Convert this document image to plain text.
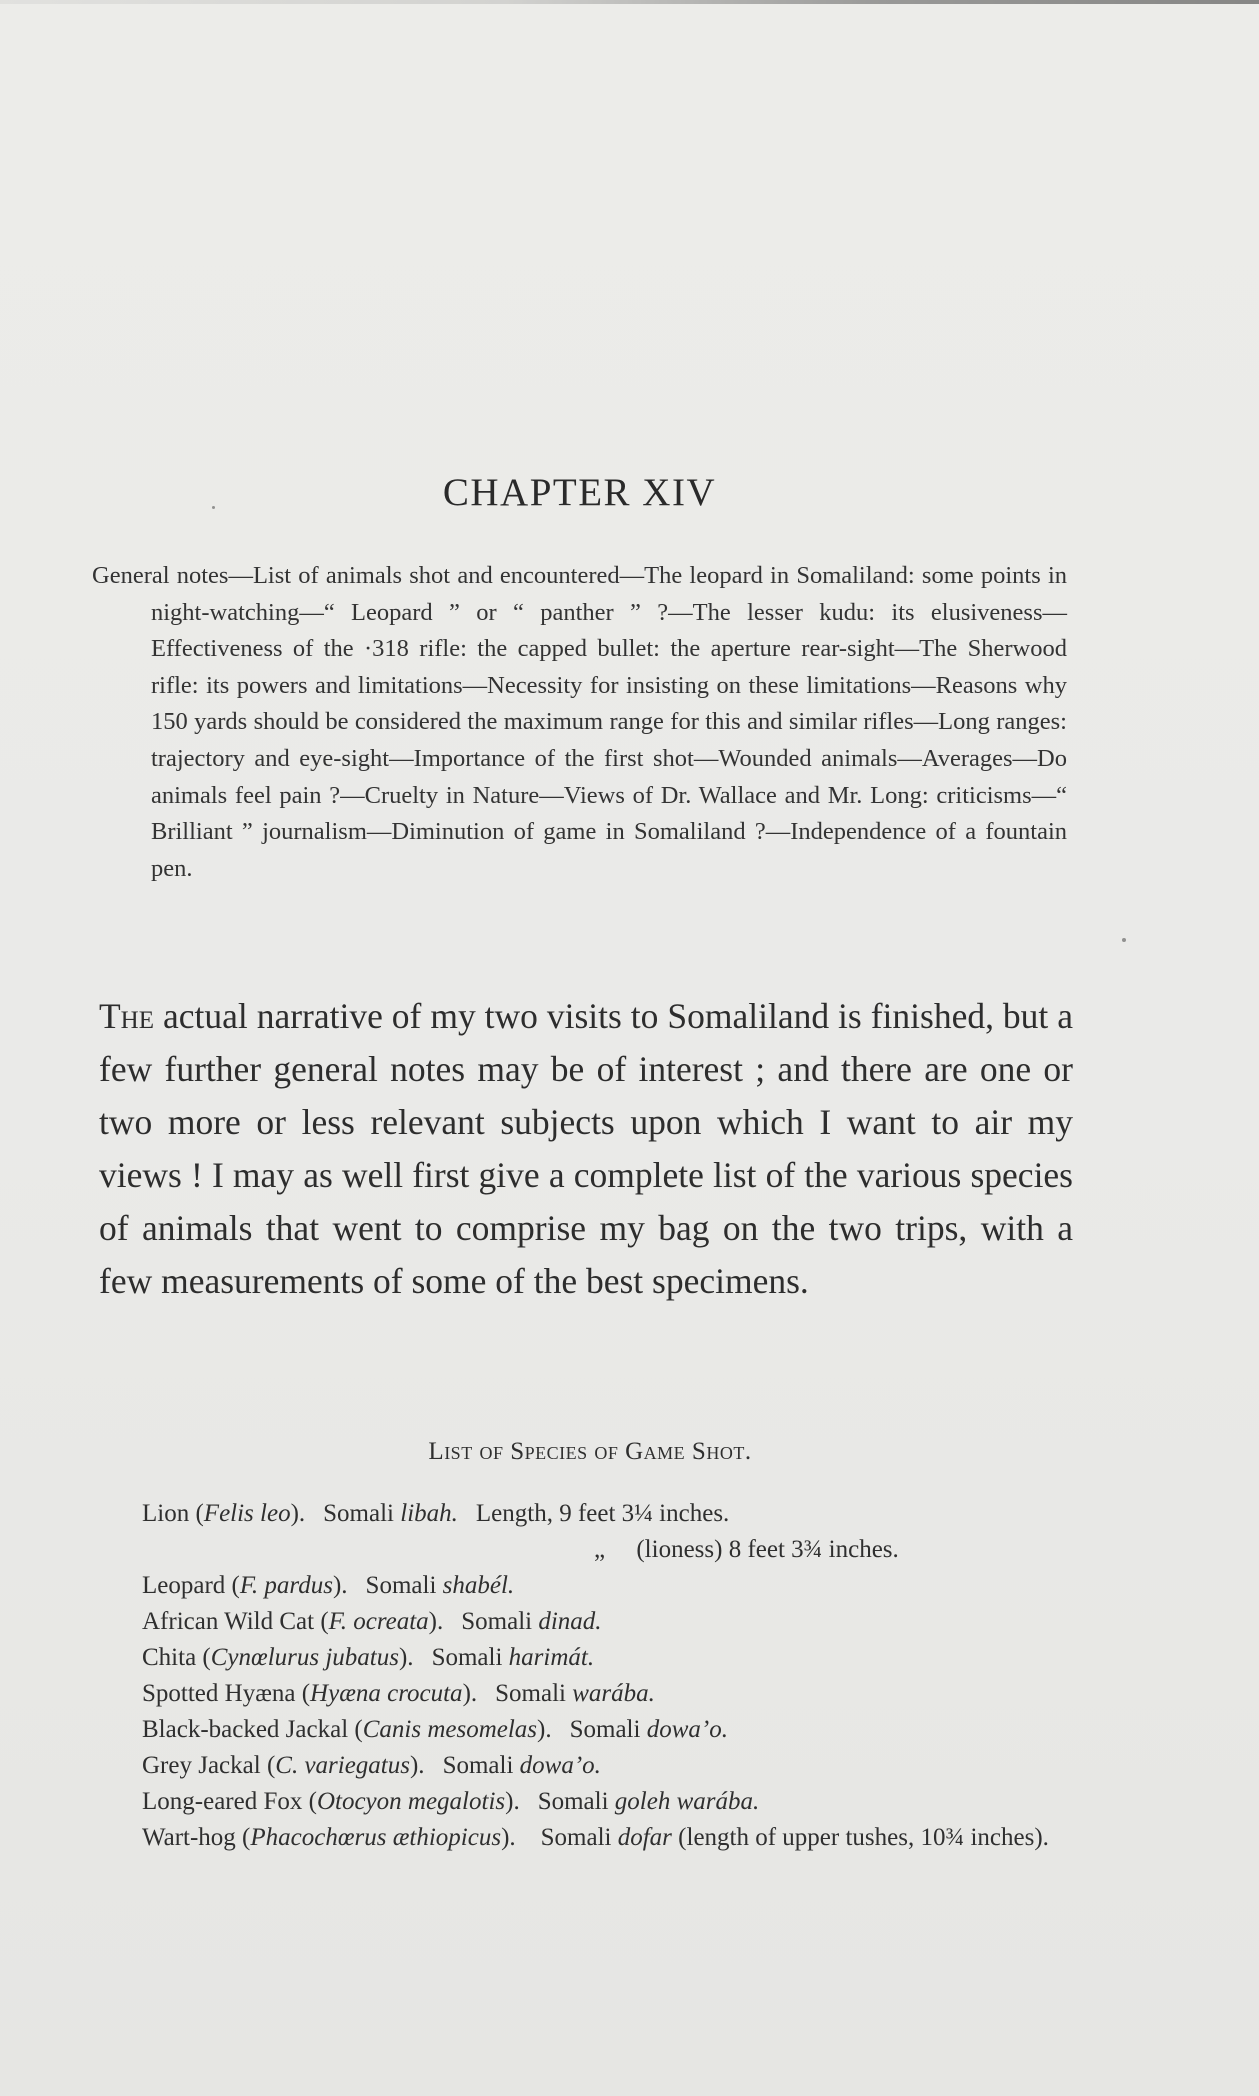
CHAPTER XIV
General notes—List of animals shot and encountered—The leopard in Somaliland: some points in night-watching—“ Leopard ” or “ panther ” ?—The lesser kudu: its elusiveness—Effectiveness of the ·318 rifle: the capped bullet: the aperture rear-sight—The Sherwood rifle: its powers and limitations—Necessity for insisting on these limitations—Reasons why 150 yards should be considered the maximum range for this and similar rifles—Long ranges: trajectory and eye-sight—Importance of the first shot—Wounded animals—Averages—Do animals feel pain ?—Cruelty in Nature—Views of Dr. Wallace and Mr. Long: criticisms—“ Brilliant ” journalism—Diminution of game in Somaliland ?—Independence of a fountain pen.
The actual narrative of my two visits to Somaliland is finished, but a few further general notes may be of interest ; and there are one or two more or less relevant subjects upon which I want to air my views ! I may as well first give a complete list of the various species of animals that went to comprise my bag on the two trips, with a few measurements of some of the best specimens.
List of Species of Game Shot.
Lion (Felis leo). Somali libah. Length, 9 feet 3¼ inches.
„     (lioness) 8 feet 3¾ inches.
Leopard (F. pardus). Somali shabél.
African Wild Cat (F. ocreata). Somali dinad.
Chita (Cynœlurus jubatus). Somali harimát.
Spotted Hyæna (Hyæna crocuta). Somali warába.
Black-backed Jackal (Canis mesomelas). Somali dowa’o.
Grey Jackal (C. variegatus). Somali dowa’o.
Long-eared Fox (Otocyon megalotis). Somali goleh warába.
Wart-hog (Phacochœrus æthiopicus). Somali dofar (length of upper tushes, 10¾ inches).
